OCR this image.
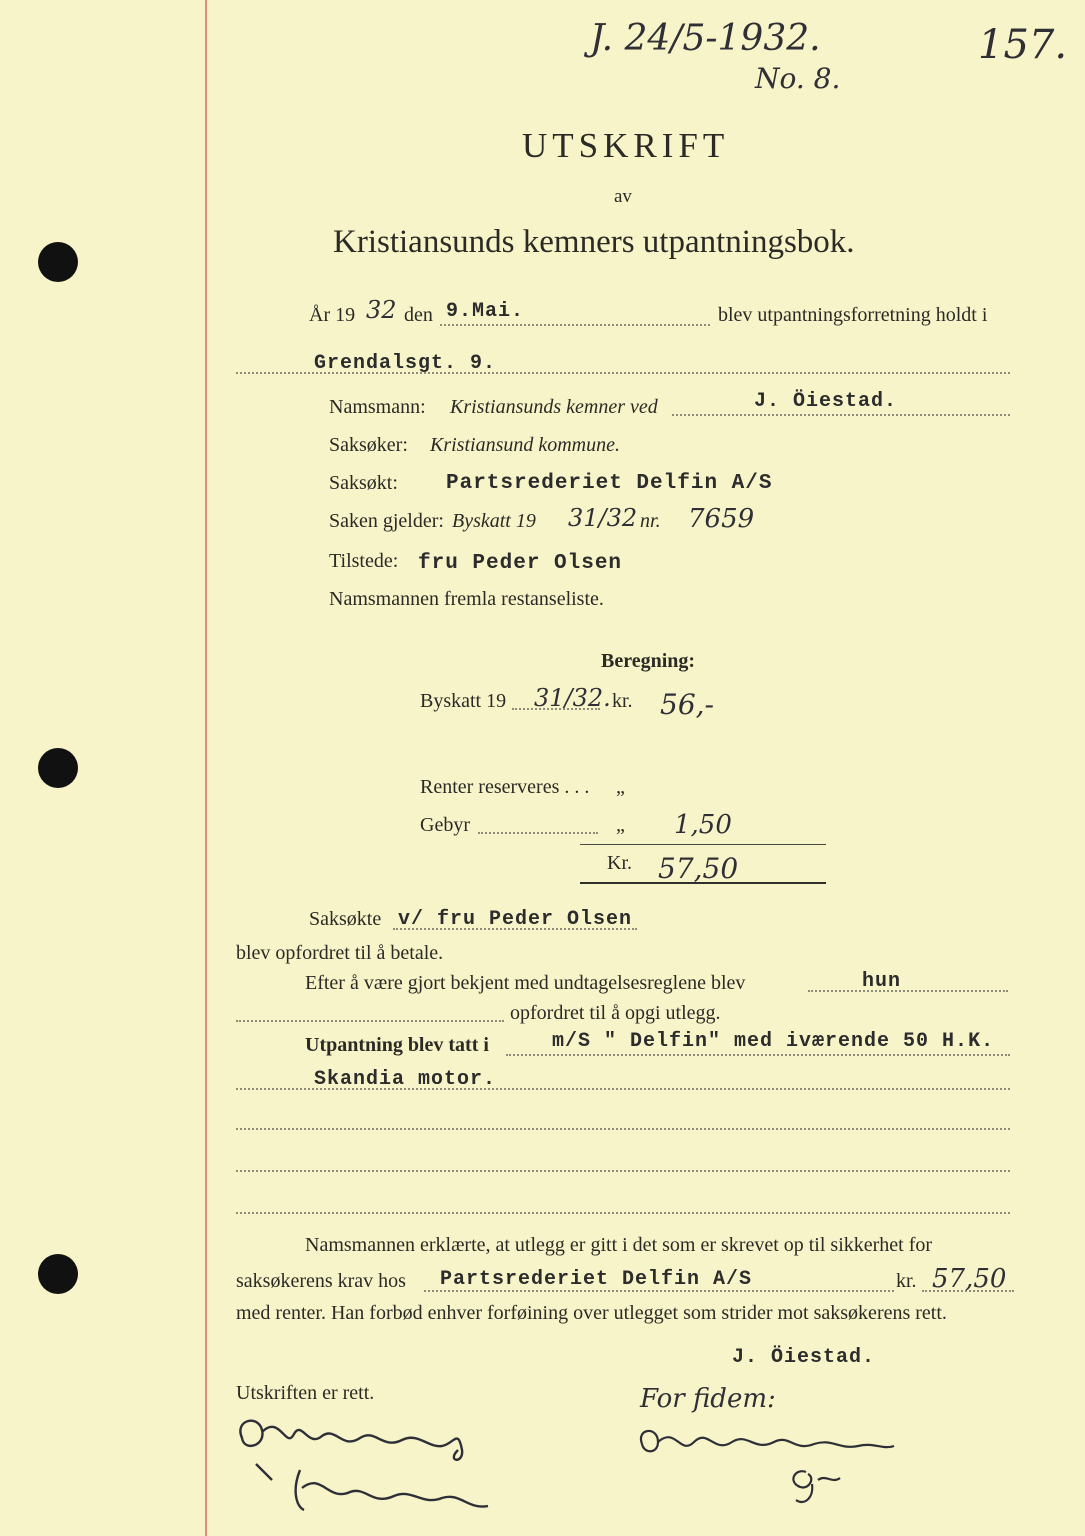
J. 24/5-1932.
No. 8.
157.
UTSKRIFT
av
Kristiansunds kemners utpantningsbok.
År 19 32 den 9.Mai.	blev utpantningsforretning holdt i
Grendalsgt. 9.
Namsmann: Kristiansunds kemner ved	J. Öiestad.
Saksøker: Kristiansund kommune.
Saksøkt: Partsrederiet Delfin A/S
Saken gjelder: Byskatt 19 31/32 nr. 7659
Tilstede: fru Peder Olsen
Namsmannen fremla restanseliste.
Beregning:
Byskatt 19 31/32. kr. 56,-
Renter reserveres . . . „
Gebyr	„ 1,50
Kr. 57,50
Saksøkte v/ fru Peder Olsen
blev opfordret til å betale.
Efter å være gjort bekjent med undtagelsesreglene blev	hun
opfordret til å opgi utlegg.
Utpantning blev tatt i	m/S " Delfin" med iværende 50 H.K.
Skandia motor.
Namsmannen erklærte, at utlegg er gitt i det som er skrevet op til sikkerhet for
saksøkerens krav hos Partsrederiet Delfin A/S	kr. 57,50
med renter. Han forbød enhver forføining over utlegget som strider mot saksøkerens rett.
J. Öiestad.
Utskriften er rett.	For fidem:
